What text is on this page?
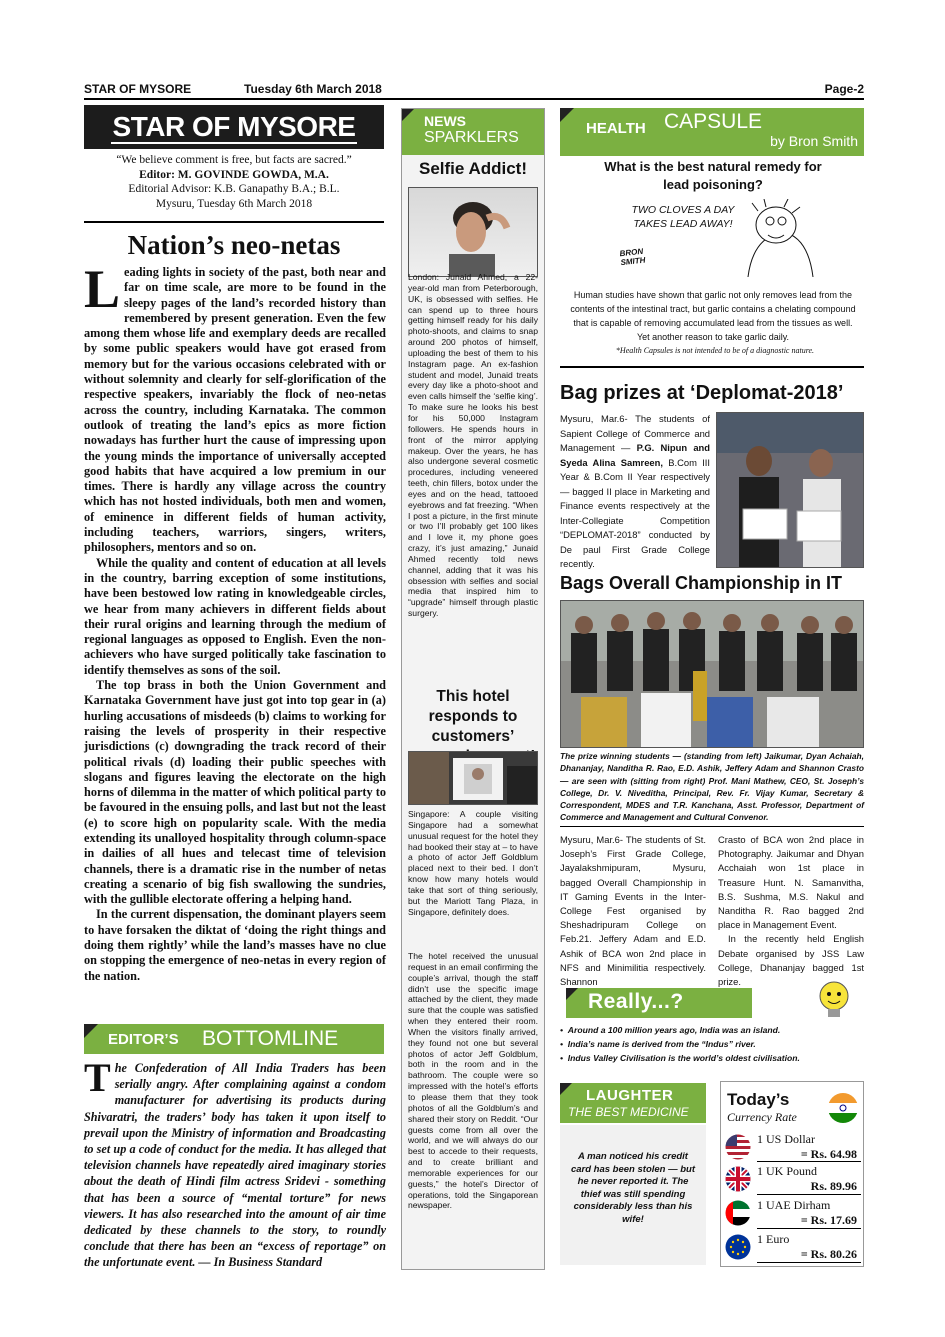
STAR OF MYSORE	Tuesday 6th March 2018	Page-2
STAR OF MYSORE
“We believe comment is free, but facts are sacred.”
Editor: M. GOVINDE GOWDA, M.A.
Editorial Advisor: K.B. Ganapathy B.A.; B.L.
Mysuru, Tuesday 6th March 2018
Nation’s neo-netas

Leading lights in society of the past, both near and far on time scale, are more to be found in the sleepy pages of the land’s recorded history than remembered by present generation. Even the few among them whose life and exemplary deeds are recalled by some public speakers would have got erased from memory but for the various occasions celebrated with or without solemnity and clearly for self-glorification of the respective speakers, invariably the flock of neo-netas across the country, including Karnataka. The common outlook of treating the land’s epics as more fiction nowadays has further hurt the cause of impressing upon the young minds the importance of universally accepted good habits that have acquired a low premium in our times. There is hardly any village across the country which has not hosted individuals, both men and women, of eminence in different fields of human activity, including teachers, warriors, singers, writers, philosophers, mentors and so on.

While the quality and content of education at all levels in the country, barring exception of some institutions, have been bestowed low rating in knowledgeable circles, we hear from many achievers in different fields about their rural origins and learning through the medium of regional languages as opposed to English. Even the non-achievers who have surged politically take fascination to identify themselves as sons of the soil.

The top brass in both the Union Government and Karnataka Government have just got into top gear in (a) hurling accusations of misdeeds (b) claims to working for raising the levels of prosperity in their respective jurisdictions (c) downgrading the track record of their political rivals (d) loading their public speeches with slogans and figures leaving the electorate on the high horns of dilemma in the matter of which political party to be favoured in the ensuing polls, and last but not the least (e) to score high on popularity scale. With the media extending its unalloyed hospitality through column-space in dailies of all hues and telecast time of television channels, there is a dramatic rise in the number of netas creating a scenario of big fish swallowing the sundries, with the gullible electorate offering a helping hand.

In the current dispensation, the dominant players seem to have forsaken the diktat of ‘doing the right things and doing them rightly’ while the land’s masses have no clue on stopping the emergence of neo-netas in every region of the nation.

EDITOR’S BOTTOMLINE
The Confederation of All India Traders has been serially angry. After complaining against a condom manufacturer for advertising its products during Shivaratri, the traders’ body has taken it upon itself to prevail upon the Ministry of information and Broadcasting to set up a code of conduct for the media. It has alleged that television channels have repeatedly aired imaginary stories about the death of Hindi film actress Sridevi - something that has been a source of “mental torture” for news viewers. It has also researched into the amount of air time dedicated by these channels to the story, to roundly conclude that there has been an “excess of reportage” on the unfortunate event. — In Business Standard
NEWS
SPARKLERS
Selfie Addict!
London: Junaid Ahmed, a 22-year-old man from Peterborough, UK, is obsessed with selfies. He can spend up to three hours getting himself ready for his daily photo-shoots, and claims to snap around 200 photos of himself, uploading the best of them to his Instagram page. An ex-fashion student and model, Junaid treats every day like a photo-shoot and even calls himself the ‘selfie king’. To make sure he looks his best for his 50,000 Instagram followers. He spends hours in front of the mirror applying makeup. Over the years, he has also undergone several cosmetic procedures, including veneered teeth, chin fillers, botox under the eyes and on the head, tattooed eyebrows and fat freezing. “When I post a picture, in the first minute or two I’ll probably get 100 likes and I love it, my phone goes crazy, it’s just amazing,” Junaid Ahmed recently told news channel, adding that it was his obsession with selfies and social media that inspired him to “upgrade” himself through plastic surgery.
This hotel responds to customers’
Singapore: A couple visiting Singapore had a somewhat unusual request for the hotel they had booked their stay at – to have a photo of actor Jeff Goldblum placed next to their bed. I don’t know how many hotels would take that sort of thing seriously, but the Mariott Tang Plaza, in Singapore, definitely does.
The hotel received the unusual request in an email confirming the couple’s arrival, though the staff didn’t use the specific image attached by the client, they made sure that the couple was satisfied when they entered their room. When the visitors finally arrived, they found not one but several photos of actor Jeff Goldblum, both in the room and in the bathroom. The couple were so impressed with the hotel’s efforts to please them that they took photos of all the Goldblum’s and shared their story on Reddit. “Our guests come from all over the world, and we will always do our best to accede to their requests, and to create brilliant and memorable experiences for our guests,” the hotel’s Director of operations, told the Singaporean newspaper.
HEALTH CAPSULE
by Bron Smith
What is the best natural remedy for lead poisoning?
TWO CLOVES A DAY TAKES LEAD AWAY!
BRON SMITH
Human studies have shown that garlic not only removes lead from the contents of the intestinal tract, but garlic contains a chelating compound that is capable of removing accumulated lead from the tissues as well. Yet another reason to take garlic daily.
*Health Capsules is not intended to be of a diagnostic nature.
Bag prizes at ‘Deplomat-2018’
Mysuru, Mar.6- The students of Sapient College of Commerce and Management — P.G. Nipun and Syeda Alina Samreen, B.Com III Year & B.Com II Year respectively — bagged II place in Marketing and Finance events respectively at the Inter-Collegiate Competition “DEPLOMAT-2018” conducted by De paul First Grade College recently.
Bags Overall Championship in IT
The prize winning students — (standing from left) Jaikumar, Dyan Achaiah, Dhananjay, Nanditha R. Rao, E.D. Ashik, Jeffery Adam and Shannon Crasto — are seen with (sitting from right) Prof. Mani Mathew, CEO, St. Joseph’s College, Dr. V. Niveditha, Principal, Rev. Fr. Vijay Kumar, Secretary & Correspondent, MDES and T.R. Kanchana, Asst. Professor, Department of Commerce and Management and Cultural Convenor.
Mysuru, Mar.6- The students of St. Joseph’s First Grade College, Jayalakshmipuram, Mysuru, bagged Overall Championship in IT Gaming Events in the Inter-College Fest organised by Sheshadripuram College on Feb.21. Jeffery Adam and E.D. Ashik of BCA won 2nd place in NFS and Minimilitia respectively. Shannon
Crasto of BCA won 2nd place in Photography. Jaikumar and Dhyan Acchaiah won 1st place in Treasure Hunt. N. Samanvitha, B.S. Sushma, M.S. Nakul and Nanditha R. Rao bagged 2nd place in Management Event.
In the recently held English Debate organised by JSS Law College, Dhananjay bagged 1st prize.
Really...?
•  Around a 100 million years ago, India was an island.
•  India’s name is derived from the “Indus” river.
•  Indus Valley Civilisation is the world’s oldest civilisation.
LAUGHTER
THE BEST MEDICINE
A man noticed his credit card has been stolen — but he never reported it. The thief was still spending considerably less than his wife!
Today’s
Currency Rate
1 US Dollar
= Rs. 64.98
1 UK Pound
Rs. 89.96
1 UAE Dirham
= Rs. 17.69
1 Euro
= Rs. 80.26
